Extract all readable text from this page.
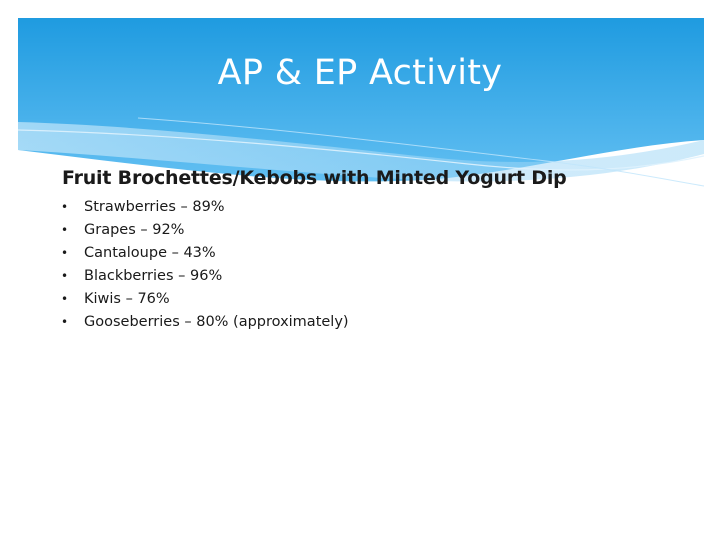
AP & EP Activity
Fruit Brochettes/Kebobs with Minted Yogurt Dip
• Strawberries – 89%
• Grapes – 92%
• Cantaloupe – 43%
• Blackberries – 96%
• Kiwis – 76%
• Gooseberries – 80% (approximately)
